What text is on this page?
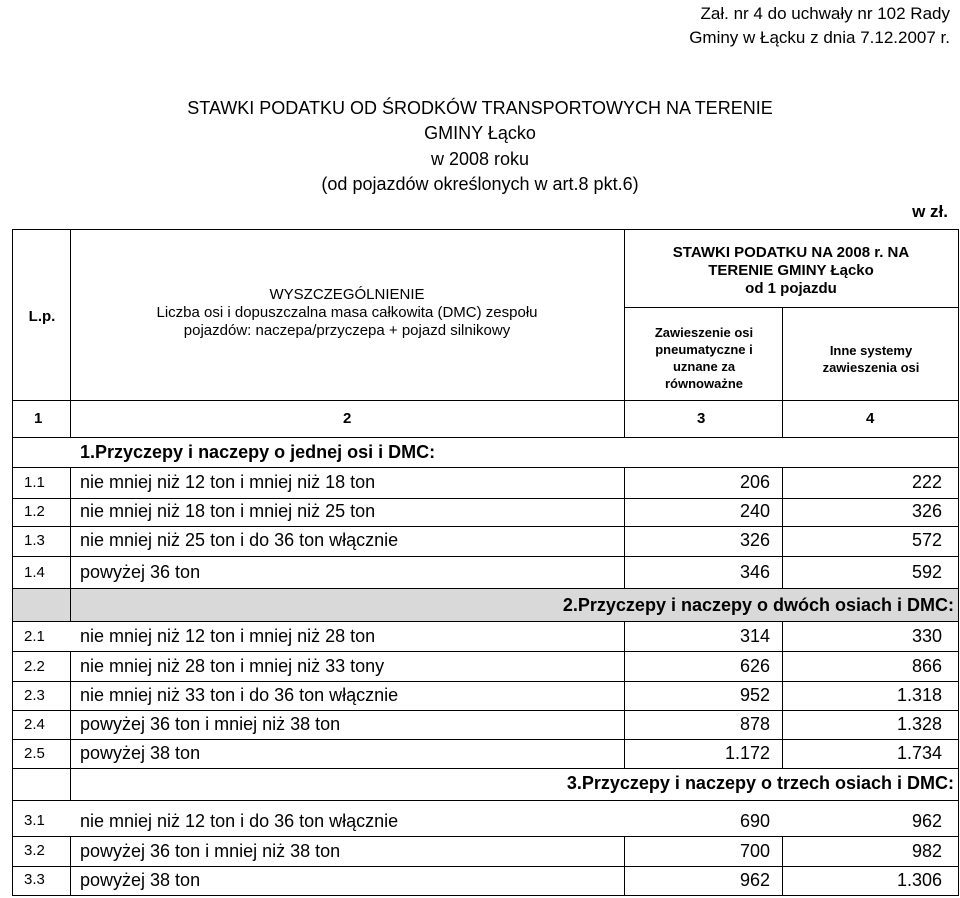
Zał. nr 4 do uchwały nr 102 Rady
Gminy w Łącku z dnia 7.12.2007 r.
STAWKI PODATKU OD ŚRODKÓW TRANSPORTOWYCH NA TERENIE
GMINY Łącko
w 2008 roku
(od pojazdów określonych w art.8 pkt.6)
w zł.
L.p.
WYSZCZEGÓLNIENIE
Liczba osi i dopuszczalna masa całkowita (DMC) zespołu
pojazdów: naczepa/przyczepa + pojazd silnikowy
STAWKI PODATKU NA 2008 r. NA
TERENIE GMINY Łącko
od 1 pojazdu
Zawieszenie osi
pneumatyczne i
uznane za
równoważne
Inne systemy
zawieszenia osi
1	2	3	4
1.Przyczepy i naczepy o jednej osi i DMC:
1.1	nie mniej niż 12 ton i mniej niż 18 ton	206	222
1.2	nie mniej niż 18 ton i mniej niż 25 ton	240	326
1.3	nie mniej niż 25 ton i do 36 ton włącznie	326	572
1.4	powyżej 36 ton	346	592
2.Przyczepy i naczepy o dwóch osiach i DMC:
2.1	nie mniej niż 12 ton i mniej niż 28 ton	314	330
2.2	nie mniej niż 28 ton i mniej niż 33 tony	626	866
2.3	nie mniej niż 33 ton i do 36 ton włącznie	952	1.318
2.4	powyżej 36 ton i mniej niż 38 ton	878	1.328
2.5	powyżej 38 ton	1.172	1.734
3.Przyczepy i naczepy o trzech osiach i DMC:
3.1	nie mniej niż 12 ton i do 36 ton włącznie	690	962
3.2	powyżej 36 ton i mniej niż 38 ton	700	982
3.3	powyżej 38 ton	962	1.306
